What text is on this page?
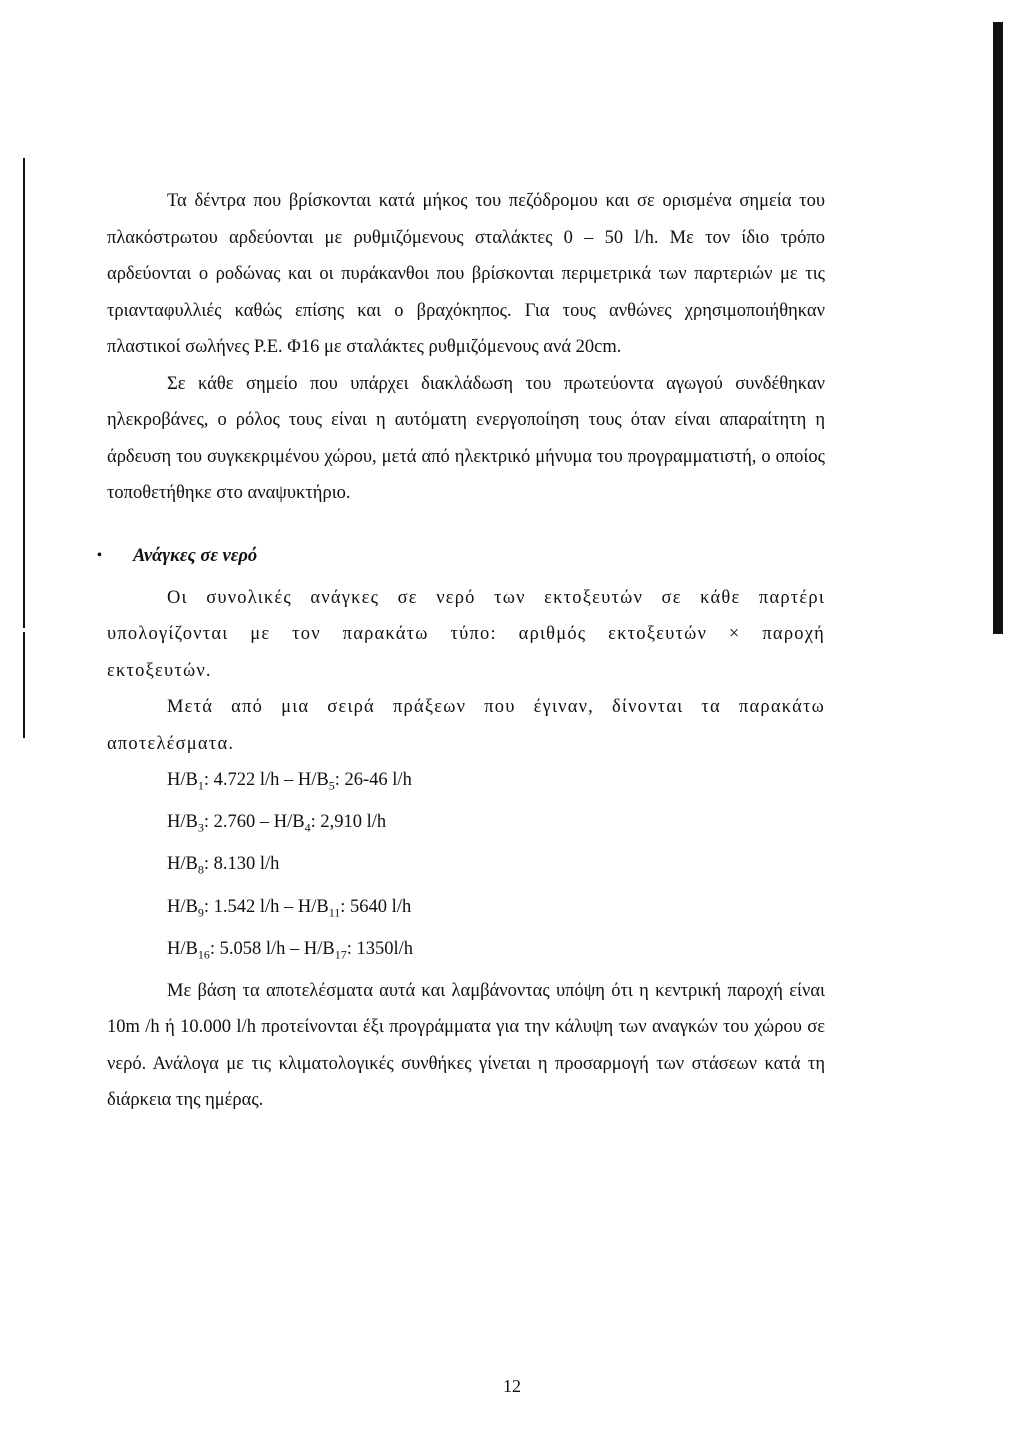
Τα δέντρα που βρίσκονται κατά μήκος του πεζόδρομου και σε ορισμένα σημεία του πλακόστρωτου αρδεύονται με ρυθμιζόμενους σταλάκτες 0 – 50 l/h. Με τον ίδιο τρόπο αρδεύονται ο ροδώνας και οι πυράκανθοι που βρίσκονται περιμετρικά των παρτεριών με τις τριανταφυλλιές καθώς επίσης και ο βραχόκηπος. Για τους ανθώνες χρησιμοποιήθηκαν πλαστικοί σωλήνες Ρ.Ε. Φ16 με σταλάκτες ρυθμιζόμενους ανά 20cm.

Σε κάθε σημείο που υπάρχει διακλάδωση του πρωτεύοντα αγωγού συνδέθηκαν ηλεκροβάνες, ο ρόλος τους είναι η αυτόματη ενεργοποίηση τους όταν είναι απαραίτητη η άρδευση του συγκεκριμένου χώρου, μετά από ηλεκτρικό μήνυμα του προγραμματιστή, ο οποίος τοποθετήθηκε στο αναψυκτήριο.

• Ανάγκες σε νερό

Οι συνολικές ανάγκες σε νερό των εκτοξευτών σε κάθε παρτέρι υπολογίζονται με τον παρακάτω τύπο: αριθμός εκτοξευτών × παροχή εκτοξευτών.

Μετά από μια σειρά πράξεων που έγιναν, δίνονται τα παρακάτω αποτελέσματα.

$H/B_1$: 4.722 $l/h - H/B_5$: 26-46 l/h

$H/B_3$: $2.760 - H/B_4$: 2,910 l/h

$H/B_8$: 8.130 l/h

$H/B_9$: 1.542 $l/h - H/B_{11}$: 5640 l/h

$H/B_{16}$: 5.058 $l/h - H/B_{17}$: 1350l/h

Με βάση τα αποτελέσματα αυτά και λαμβάνοντας υπόψη ότι η κεντρική παροχή είναι 10m /h ή 10.000 l/h προτείνονται έξι προγράμματα για την κάλυψη των αναγκών του χώρου σε νερό. Ανάλογα με τις κλιματολογικές συνθήκες γίνεται η προσαρμογή των στάσεων κατά τη διάρκεια της ημέρας.

12
